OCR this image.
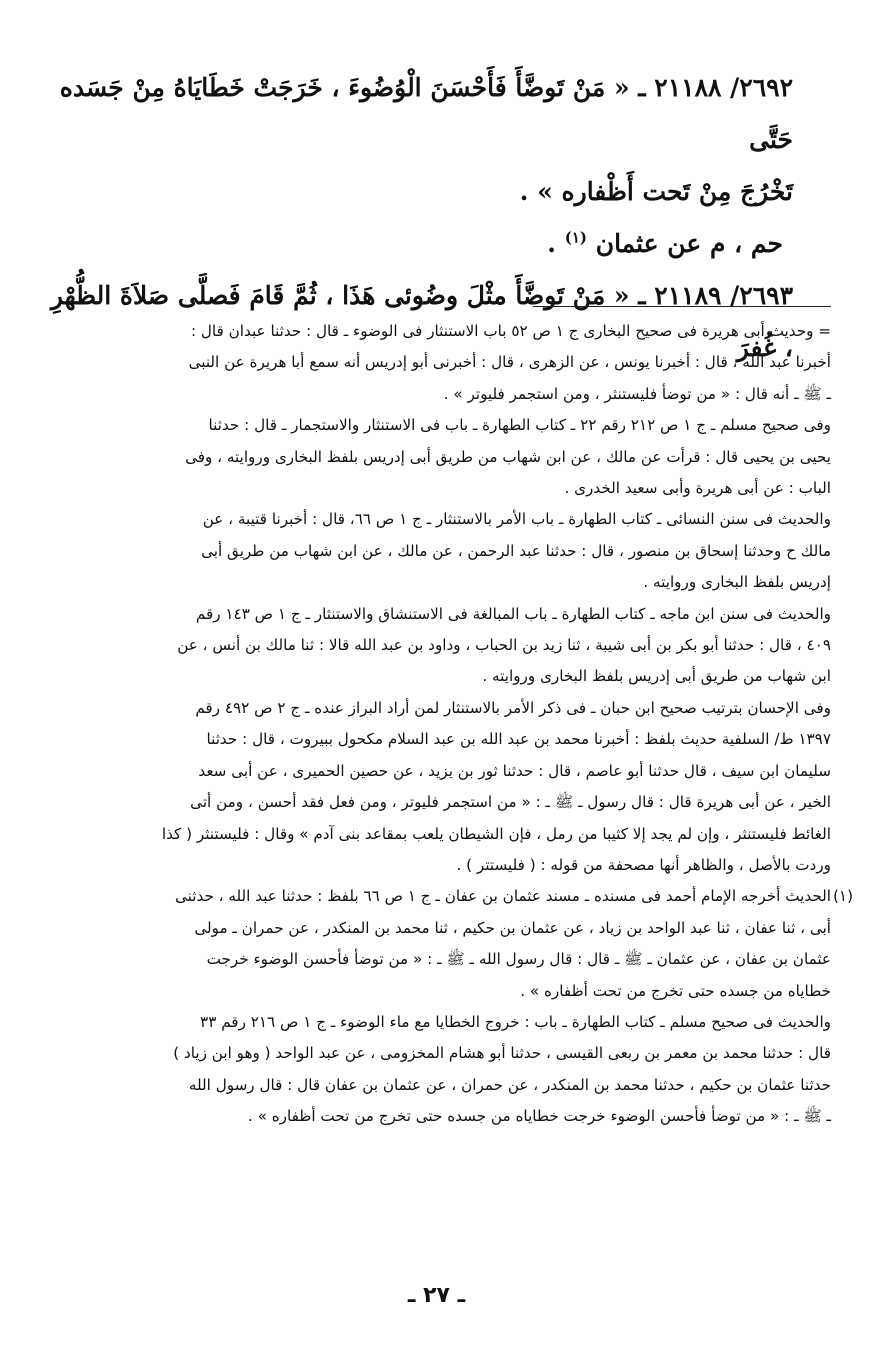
٢٦٩٢/ ٢١١٨٨ ـ « مَنْ تَوضَّأَ فَأَحْسَنَ الْوُضُوءَ ، خَرَجَتْ خَطَايَاهُ مِنْ جَسَده حَتَّى

تَخْرُجَ مِنْ تَحت أَظْفاره » .

حم ، م عن عثمان $^{(١)}$ .

٢٦٩٣/ ٢١١٨٩ ـ « مَنْ تَوضَّأَ مثْلَ وضُوئى هَذَا ، ثُمَّ قَامَ فَصلَّى صَلاَةَ الظُّهْرِ ، غُفرَ

= وحديث أبى هريرة فى صحيح البخارى ج ١ ص ٥٢ باب الاستنثار فى الوضوء ـ قال : حدثنا عبدان قال :

أخبرنا عبد الله ، قال : أخبرنا يونس ، عن الزهرى ، قال : أخبرنى أبو إدريس أنه سمع أبا هريرة عن النبى

ـ ﷺ ـ أنه قال : « من توضأ فليستنثر ، ومن استجمر فليوتر » .

وفى صحيح مسلم ـ ج ١ ص ٢١٢ رقم ٢٢ ـ كتاب الطهارة ـ باب فى الاستنثار والاستجمار ـ قال : حدثنا

يحيى بن يحيى قال : قرأت عن مالك ، عن ابن شهاب من طريق أبى إدريس بلفظ البخارى وروايته ، وفى

الباب : عن أبى هريرة وأبى سعيد الخدرى .

والحديث فى سنن النسائى ـ كتاب الطهارة ـ باب الأمر بالاستنثار ـ ج ١ ص ٦٦، قال : أخبرنا قتيبة ، عن

مالك ح وحدثنا إسحاق بن منصور ، قال : حدثنا عبد الرحمن ، عن مالك ، عن ابن شهاب من طريق أبى

إدريس بلفظ البخارى وروايته .

والحديث فى سنن ابن ماجه ـ كتاب الطهارة ـ باب المبالغة فى الاستنشاق والاستنثار ـ ج ١ ص ١٤٣ رقم

٤٠٩ ، قال : حدثنا أبو بكر بن أبى شيبة ، ثنا زيد بن الحباب ، وداود بن عبد الله قالا : ثنا مالك بن أنس ، عن

ابن شهاب من طريق أبى إدريس بلفظ البخارى وروايته .

وفى الإحسان بترتيب صحيح ابن حبان ـ فى ذكر الأمر بالاستنثار لمن أراد البراز عنده ـ ج ٢ ص ٤٩٢ رقم

١٣٩٧ ط/ السلفية حديث بلفظ : أخبرنا محمد بن عبد الله بن عبد السلام مكحول ببيروت ، قال : حدثنا

سليمان ابن سيف ، قال حدثنا أبو عاصم ، قال : حدثنا ثور بن يزيد ، عن حصين الحميرى ، عن أبى سعد

الخير ، عن أبى هريرة قال : قال رسول ـ ﷺ ـ : « من استجمر فليوتر ، ومن فعل فقد أحسن ، ومن أتى

الغائط فليستنثر ، وإن لم يجد إلا كثيبا من رمل ، فإن الشيطان يلعب بمقاعد بنى آدم » وقال : فليستنثر ( كذا

وردت بالأصل ، والظاهر أنها مصحفة من قوله : ( فليستتر ) .

(١)
الحديث أخرجه الإمام أحمد فى مسنده ـ مسند عثمان بن عفان ـ ج ١ ص ٦٦ بلفظ : حدثنا عبد الله ، حدثنى

أبى ، ثنا عفان ، ثنا عبد الواحد بن زياد ، عن عثمان بن حكيم ، ثنا محمد بن المنكدر ، عن حمران ـ مولى

عثمان بن عفان ، عن عثمان ـ ﷺ ـ قال : قال رسول الله ـ ﷺ ـ : « من توضأ فأحسن الوضوء خرجت

خطاياه من جسده حتى تخرج من تحت أظفاره » .

والحديث فى صحيح مسلم ـ كتاب الطهارة ـ باب : خروج الخطايا مع ماء الوضوء ـ ج ١ ص ٢١٦ رقم ٣٣

قال : حدثنا محمد بن معمر بن ربعى القيسى ، حدثنا أبو هشام المخزومى ، عن عبد الواحد ( وهو ابن زياد )

حدثنا عثمان بن حكيم ، حدثنا محمد بن المنكدر ، عن حمران ، عن عثمان بن عفان قال : قال رسول الله

ـ ﷺ ـ : « من توضأ فأحسن الوضوء خرجت خطاياه من جسده حتى تخرج من تحت أظفاره » .

ـ ٢٧ ـ
